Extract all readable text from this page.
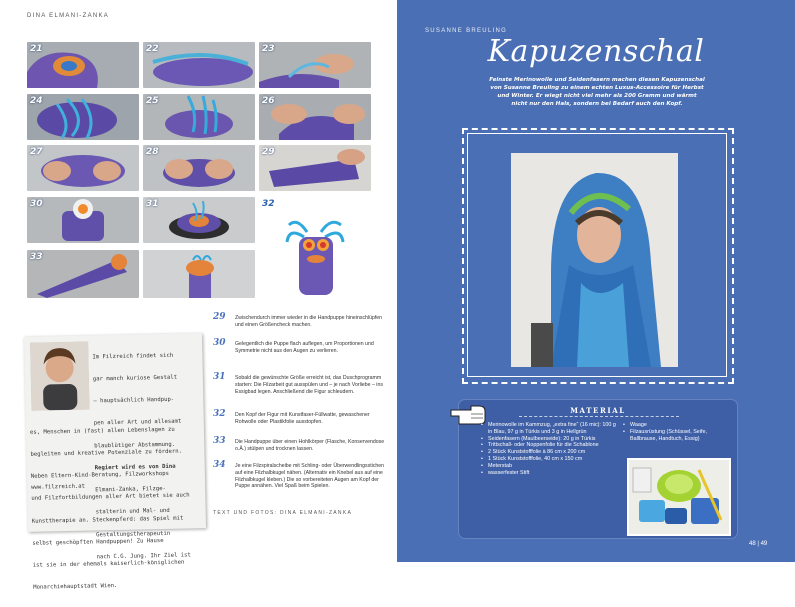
DINA ELMANI-ZANKA
21	22	23
24	25	26
27	28	29
30	31	32
33

Im Filzreich findet sich

gar manch kuriose Gestalt

– hauptsächlich Handpup-

pen aller Art und allesamt

blaublütiger Abstammung.

Regiert wird es von Dina

Elmani-Zanka, Filzge-

stalterin und Mal- und

Gestaltungstherapeutin

nach C.G. Jung. Ihr Ziel ist

es, Menschen in (fast) allen Lebenslagen zu

begleiten und kreative Potenziale zu fördern.

Neben Eltern-Kind-Beratung, Filzworkshops

und Filzfortbildungen aller Art bietet sie auch

Kunsttherapie an. Steckenpferd: das Spiel mit

selbst geschöpften Handpuppen! Zu Hause

ist sie in der ehemals kaiserlich-königlichen

Monarchiehauptstadt Wien.

www.filzreich.at
29 Zwischendurch immer wieder in die Handpuppe hineinschlüpfen und einen Größencheck machen.
30 Gelegentlich die Puppe flach auflegen, um Proportionen und Symmetrie nicht aus den Augen zu verlieren.
31 Sobald die gewünschte Größe erreicht ist, das Duschprogramm starten: Die Filzarbeit gut ausspülen und – je nach Vorliebe – ins Essigbad legen. Anschließend die Figur schleudern.
32 Den Kopf der Figur mit Kunstfaser-Füllwatte, gewaschener Rohwolle oder Plastikfolie ausstopfen.
33 Die Handpuppe über einen Hohlkörper (Flasche, Konservendose o.Ä.) stülpen und trocknen lassen.
34 Je eine Filzspiralscheibe mit Schling- oder Überwendlingsstichen auf eine Filzhalbkugel nähen. (Alternativ ein Knebel aus auf eine Filzhalbkugel kleben.) Die so vorbereiteten Augen am Kopf der Puppe annähen. Viel Spaß beim Spielen.
TEXT UND FOTOS: DINA ELMANI-ZANKA
SUSANNE BREULING
Kapuzenschal
Feinste Merinowolle und Seidenfasern machen diesen Kapuzenschal
von Susanne Breuling zu einem echten Luxus-Accessoire für Herbst
und Winter. Er wiegt nicht viel mehr als 200 Gramm und wärmt
nicht nur den Hals, sondern bei Bedarf auch den Kopf.
MATERIAL
• Merinowolle im Kammzug, „extra fine“ (16 mic): 100 g in Blau, 97 g in Türkis und 3 g in Hellgrün
• Seidenfasern (Maulbeerseide): 20 g in Türkis
• Trittschall- oder Noppenfolie für die Schablone
• 2 Stück Kunststofffolie à 86 cm x 200 cm
• 1 Stück Kunststofffolie, 40 cm x 150 cm
• Meterstab
• wasserfester Stift
• Waage
• Filzausrüstung (Schüssel, Seife, Ballbrause, Handtuch, Essig)
48 | 49
